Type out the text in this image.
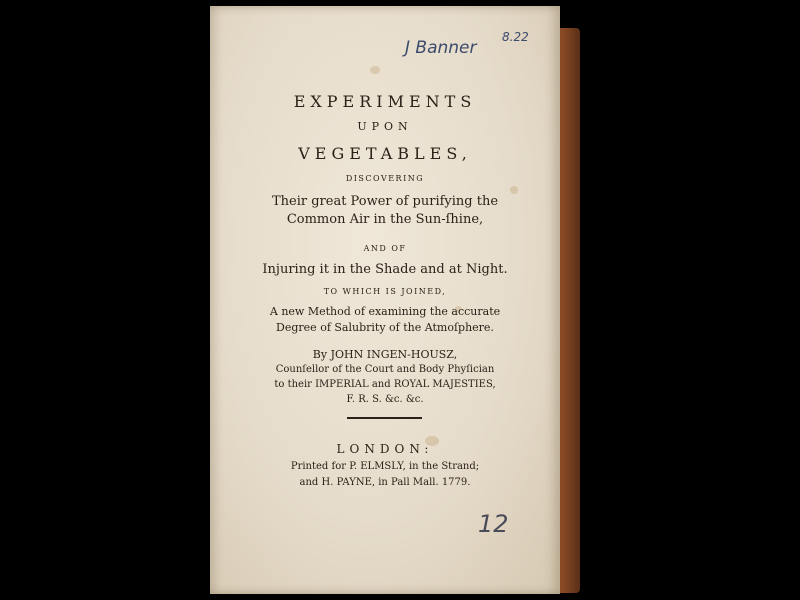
J Banner
8.22
EXPERIMENTS
UPON
VEGETABLES,
DISCOVERING
Their great Power of purifying the
Common Air in the Sun-ſhine,
AND OF
Injuring it in the Shade and at Night.
TO WHICH IS JOINED,
A new Method of examining the accurate
Degree of Salubrity of the Atmoſphere.
By JOHN INGEN-HOUSZ,
Counſellor of the Court and Body Phyſician
to their IMPERIAL and ROYAL MAJESTIES,
F. R. S. &c. &c.
LONDON:
Printed for P. ELMSLY, in the Strand;
and H. PAYNE, in Pall Mall. 1779.
12
